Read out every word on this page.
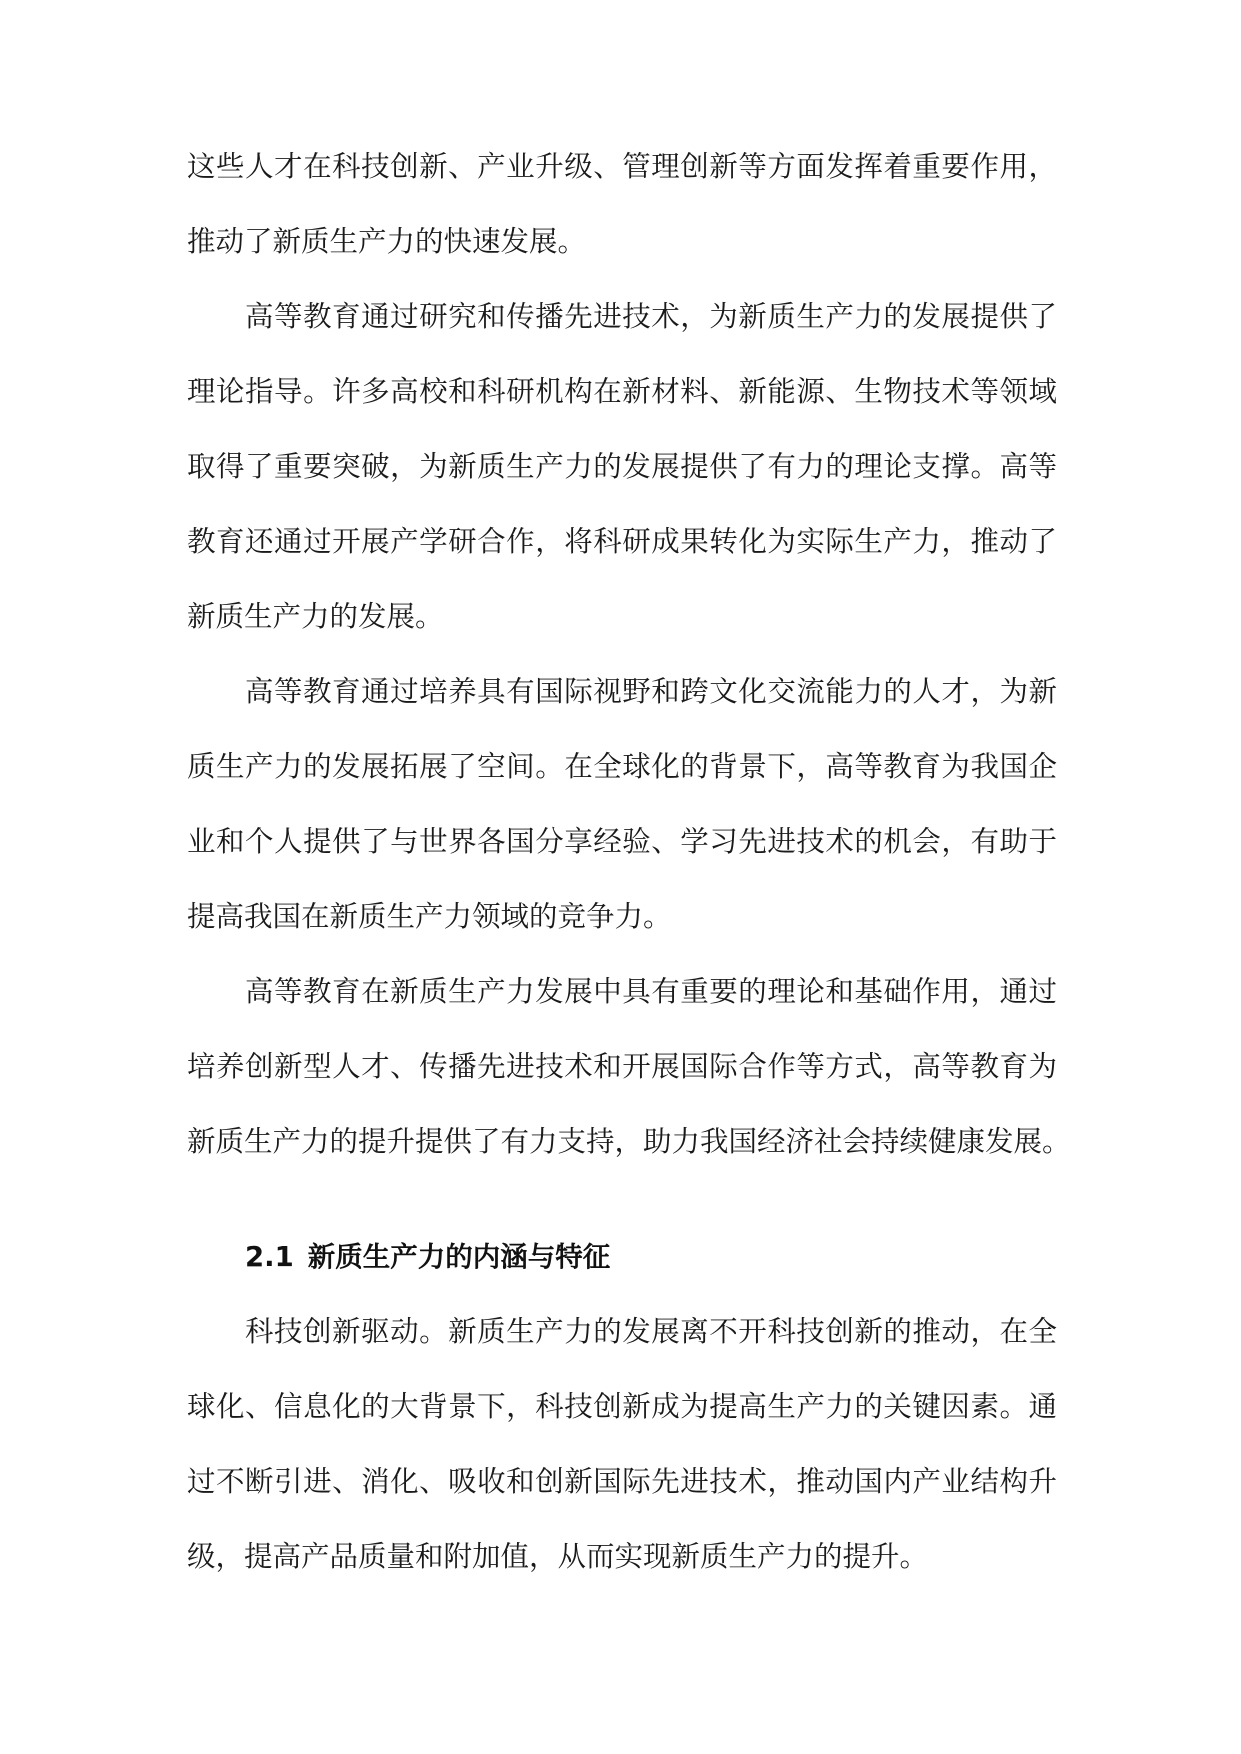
这些人才在科技创新、产业升级、管理创新等方面发挥着重要作用，
推动了新质生产力的快速发展。
高等教育通过研究和传播先进技术，为新质生产力的发展提供了
理论指导。许多高校和科研机构在新材料、新能源、生物技术等领域
取得了重要突破，为新质生产力的发展提供了有力的理论支撑。高等
教育还通过开展产学研合作，将科研成果转化为实际生产力，推动了
新质生产力的发展。
高等教育通过培养具有国际视野和跨文化交流能力的人才，为新
质生产力的发展拓展了空间。在全球化的背景下，高等教育为我国企
业和个人提供了与世界各国分享经验、学习先进技术的机会，有助于
提高我国在新质生产力领域的竞争力。
高等教育在新质生产力发展中具有重要的理论和基础作用，通过
培养创新型人才、传播先进技术和开展国际合作等方式，高等教育为
新质生产力的提升提供了有力支持，助力我国经济社会持续健康发展。
2.1 新质生产力的内涵与特征
科技创新驱动。新质生产力的发展离不开科技创新的推动，在全
球化、信息化的大背景下，科技创新成为提高生产力的关键因素。通
过不断引进、消化、吸收和创新国际先进技术，推动国内产业结构升
级，提高产品质量和附加值，从而实现新质生产力的提升。
